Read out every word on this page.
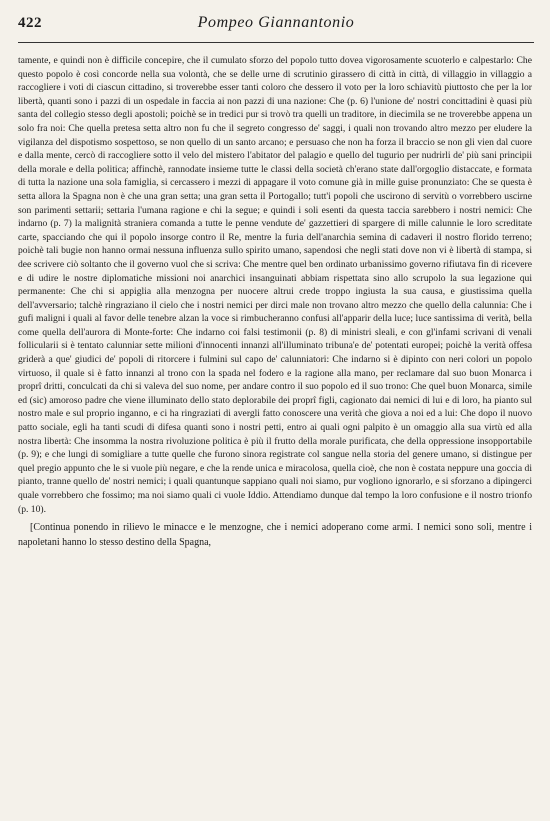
422	Pompeo Giannantonio

tamente, e quindi non è difficile concepire, che il cumulato sforzo del popolo tutto dovea vigorosamente scuoterlo e calpestarlo: Che questo popolo è così concorde nella sua volontà, che se delle urne di scrutinio girassero di città in città, di villaggio in villaggio a raccogliere i voti di ciascun cittadino, si troverebbe esser tanti coloro che dessero il voto per la loro schiavitù piuttosto che per la lor libertà, quanti sono i pazzi di un ospedale in faccia ai non pazzi di una nazione: Che (p. 6) l'unione de' nostri concittadini è quasi più santa del collegio stesso degli apostoli; poichè se in tredici pur si trovò tra quelli un traditore, in diecimila se ne troverebbe appena un solo fra noi: Che quella pretesa setta altro non fu che il segreto congresso de' saggi, i quali non trovando altro mezzo per eludere la vigilanza del dispotismo sospettoso, se non quello di un santo arcano; e persuaso che non ha forza il braccio se non gli vien dal cuore e dalla mente, cercò di raccogliere sotto il velo del mistero l'abitator del palagio e quello del tugurio per nudrirli de' più sani principii della morale e della politica; affinchè, rannodate insieme tutte le classi della società ch'erano state dall'orgoglio distaccate, e formata di tutta la nazione una sola famiglia, si cercassero i mezzi di appagare il voto comune già in mille guise pronunziato: Che se questa è setta allora la Spagna non è che una gran setta; una gran setta il Portogallo; tutt'i popoli che uscirono di servitù o vorrebbero uscirne son parimenti settarii; settaria l'umana ragione e chi la segue; e quindi i soli esenti da questa taccia sarebbero i nostri nemici: Che indarno (p. 7) la malignità straniera comanda a tutte le penne vendute de' gazzettieri di spargere di mille calunnie le loro screditate carte, spacciando che qui il popolo insorge contro il Re, mentre la furia dell'anarchia semina di cadaveri il nostro florido terreno; poichè tali bugie non hanno ormai nessuna influenza sullo spirito umano, sapendosi che negli stati dove non vi è libertà di stampa, si dee scrivere ciò soltanto che il governo vuol che si scriva: Che mentre quel ben ordinato urbanissimo governo rifiutava fin di ricevere e di udire le nostre diplomatiche missioni noi anarchici insanguinati abbiam rispettata sino allo scrupolo la sua legazione qui permanente: Che chi si appiglia alla menzogna per nuocere altrui crede troppo ingiusta la sua causa, e giustissima quella dell'avversario; talchè ringraziano il cielo che i nostri nemici per dirci male non trovano altro mezzo che quello della calunnia: Che i gufi maligni i quali al favor delle tenebre alzan la voce si rimbucheranno confusi all'apparir della luce; luce santissima di verità, bella come quella dell'aurora di Monte-forte: Che indarno coi falsi testimonii (p. 8) di ministri sleali, e con gl'infami scrivani di venali follicularii si è tentato calunniar sette milioni d'innocenti innanzi all'illuminato tribuna'e de' potentati europei; poichè la verità offesa griderà a que' giudici de' popoli di ritorcere i fulmini sul capo de' calunniatori: Che indarno si è dipinto con neri colori un popolo virtuoso, il quale si è fatto innanzi al trono con la spada nel fodero e la ragione alla mano, per reclamare dal suo buon Monarca i proprî dritti, conculcati da chi si valeva del suo nome, per andare contro il suo popolo ed il suo trono: Che quel buon Monarca, simile ed (sic) amoroso padre che viene illuminato dello stato deplorabile dei proprî figli, cagionato dai nemici di lui e di loro, ha pianto sul nostro male e sul proprio inganno, e ci ha ringraziati di avergli fatto conoscere una verità che giova a noi ed a lui: Che dopo il nuovo patto sociale, egli ha tanti scudi di difesa quanti sono i nostri petti, entro ai quali ogni palpito è un omaggio alla sua virtù ed alla nostra libertà: Che insomma la nostra rivoluzione politica è più il frutto della morale purificata, che della oppressione insopportabile (p. 9); e che lungi di somigliare a tutte quelle che furono sinora registrate col sangue nella storia del genere umano, si distingue per quel pregio appunto che le si vuole più negare, e che la rende unica e miracolosa, quella cioè, che non è costata neppure una goccia di pianto, tranne quello de' nostri nemici; i quali quantunque sappiano quali noi siamo, pur vogliono ignorarlo, e si sforzano a dipingerci quale vorrebbero che fossimo; ma noi siamo quali ci vuole Iddio. Attendiamo dunque dal tempo la loro confusione e il nostro trionfo (p. 10).

[Continua ponendo in rilievo le minacce e le menzogne, che i nemici adoperano come armi. I nemici sono soli, mentre i napoletani hanno lo stesso destino della Spagna,
